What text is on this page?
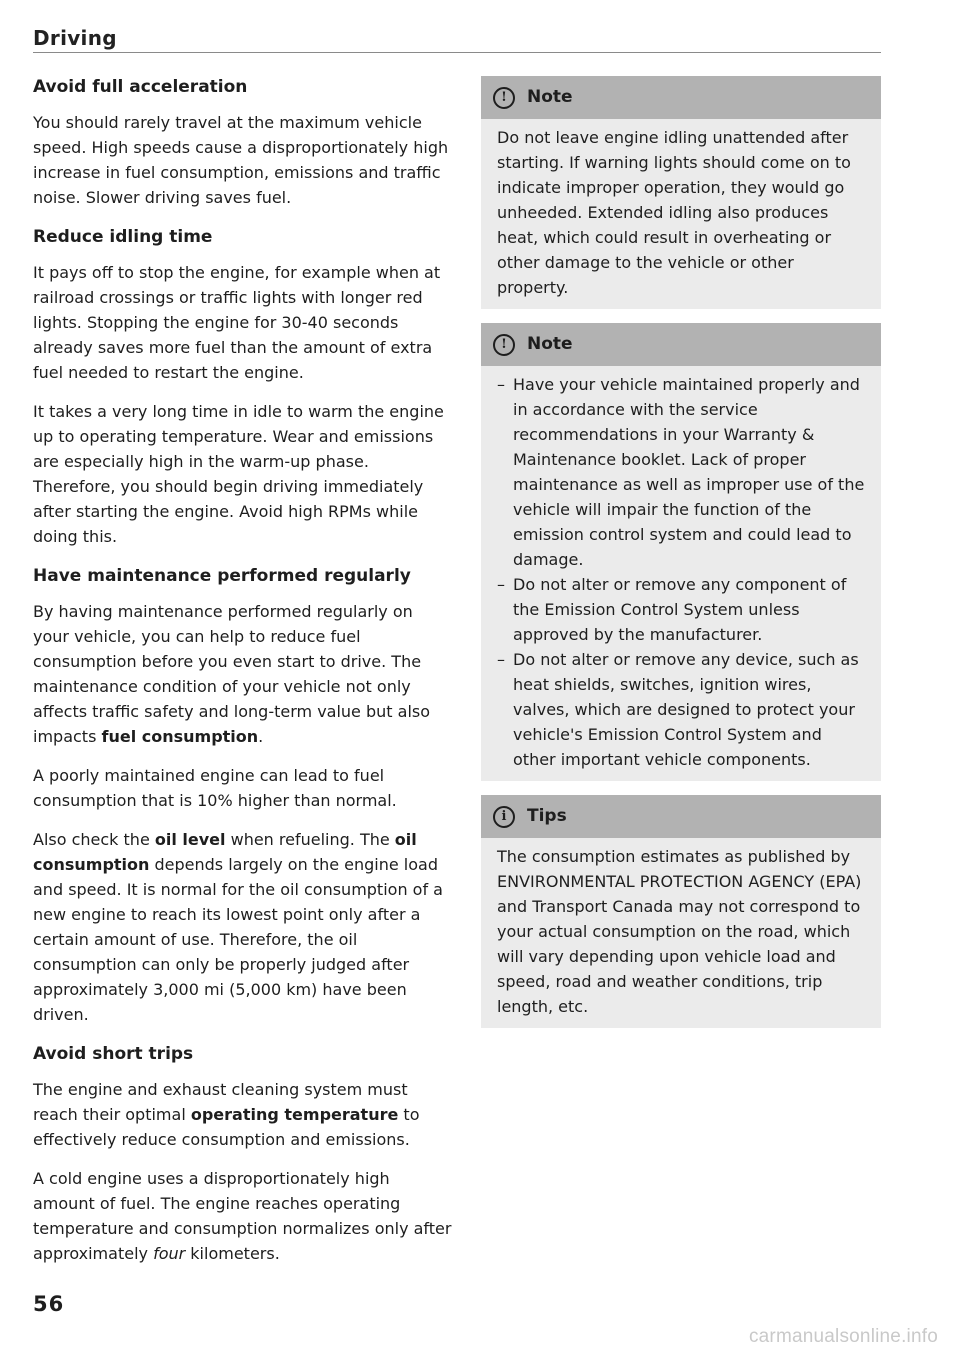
Driving
Avoid full acceleration

You should rarely travel at the maximum vehicle speed. High speeds cause a disproportionately high increase in fuel consumption, emissions and traffic noise. Slower driving saves fuel.

Reduce idling time

It pays off to stop the engine, for example when at railroad crossings or traffic lights with longer red lights. Stopping the engine for 30-40 seconds already saves more fuel than the amount of extra fuel needed to restart the engine.

It takes a very long time in idle to warm the engine up to operating temperature. Wear and emissions are especially high in the warm-up phase. Therefore, you should begin driving immediately after starting the engine. Avoid high RPMs while doing this.

Have maintenance performed regularly

By having maintenance performed regularly on your vehicle, you can help to reduce fuel consumption before you even start to drive. The maintenance condition of your vehicle not only affects traffic safety and long-term value but also impacts fuel consumption.

A poorly maintained engine can lead to fuel consumption that is 10% higher than normal.

Also check the oil level when refueling. The oil consumption depends largely on the engine load and speed. It is normal for the oil consumption of a new engine to reach its lowest point only after a certain amount of use. Therefore, the oil consumption can only be properly judged after approximately 3,000 mi (5,000 km) have been driven.

Avoid short trips

The engine and exhaust cleaning system must reach their optimal operating temperature to effectively reduce consumption and emissions.

A cold engine uses a disproportionately high amount of fuel. The engine reaches operating temperature and consumption normalizes only after approximately four kilometers.

!	Note

Do not leave engine idling unattended after starting. If warning lights should come on to indicate improper operation, they would go unheeded. Extended idling also produces heat, which could result in overheating or other damage to the vehicle or other property.

!	Note
– Have your vehicle maintained properly and in accordance with the service recommendations in your Warranty & Maintenance booklet. Lack of proper maintenance as well as improper use of the vehicle will impair the function of the emission control system and could lead to damage.
– Do not alter or remove any component of the Emission Control System unless approved by the manufacturer.
– Do not alter or remove any device, such as heat shields, switches, ignition wires, valves, which are designed to protect your vehicle's Emission Control System and other important vehicle components.
i	Tips

The consumption estimates as published by ENVIRONMENTAL PROTECTION AGENCY (EPA) and Transport Canada may not correspond to your actual consumption on the road, which will vary depending upon vehicle load and speed, road and weather conditions, trip length, etc.

56
carmanualsonline.info
